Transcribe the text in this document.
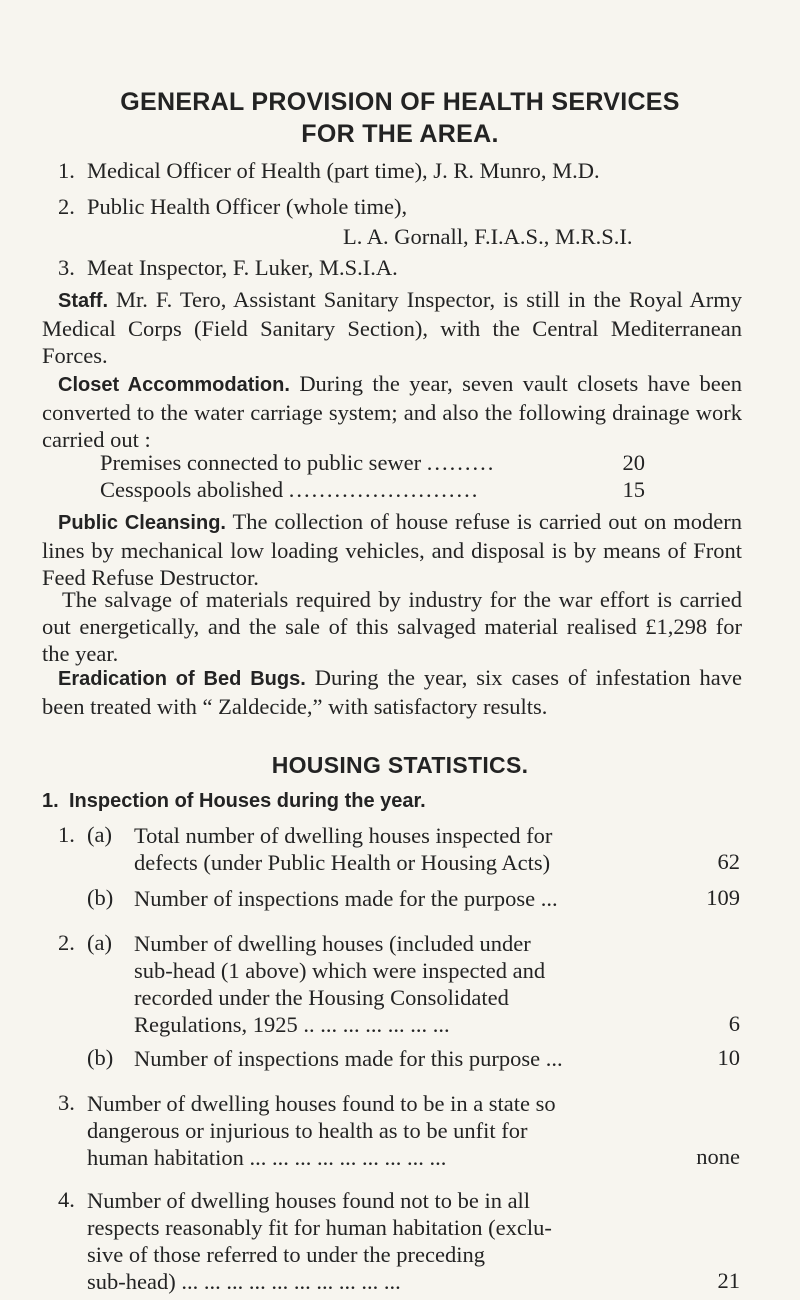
GENERAL PROVISION OF HEALTH SERVICES
FOR THE AREA.
1. Medical Officer of Health (part time), J. R. Munro, M.D.
2. Public Health Officer (whole time),
L. A. Gornall, F.I.A.S., M.R.S.I.
3. Meat Inspector, F. Luker, M.S.I.A.
Staff. Mr. F. Tero, Assistant Sanitary Inspector, is still in the Royal Army Medical Corps (Field Sanitary Section), with the Central Mediterranean Forces.
Closet Accommodation. During the year, seven vault closets have been converted to the water carriage system; and also the following drainage work carried out :
Premises connected to public sewer .........	20
Cesspools abolished .........................	15
Public Cleansing. The collection of house refuse is carried out on modern lines by mechanical low loading vehicles, and disposal is by means of Front Feed Refuse Destructor.
The salvage of materials required by industry for the war effort is carried out energetically, and the sale of this salvaged material realised £1,298 for the year.
Eradication of Bed Bugs. During the year, six cases of infestation have been treated with “ Zaldecide,” with satisfactory results.
HOUSING STATISTICS.
1. Inspection of Houses during the year.
1. (a) Total number of dwelling houses inspected for
defects (under Public Health or Housing Acts)	62
(b) Number of inspections made for the purpose ...	109
2. (a) Number of dwelling houses (included under
sub-head (1 above) which were inspected and
recorded under the Housing Consolidated
Regulations, 1925 .. ... ... ... ... ... ...	6
(b) Number of inspections made for this purpose ...	10
3. Number of dwelling houses found to be in a state so
dangerous or injurious to health as to be unfit for
human habitation ... ... ... ... ... ... ... ... ...	none
4. Number of dwelling houses found not to be in all
respects reasonably fit for human habitation (exclu-
sive of those referred to under the preceding
sub-head) ... ... ... ... ... ... ... ... ... ...	21
